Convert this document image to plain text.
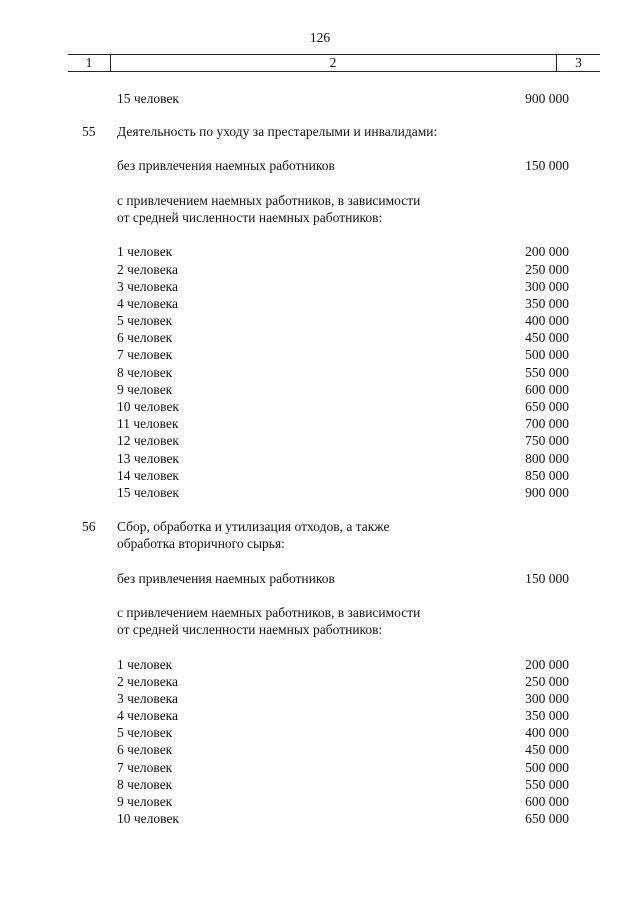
126
1	2	3
15 человек	900 000
55 Деятельность по уходу за престарелыми и инвалидами:
без привлечения наемных работников	150 000
с привлечением наемных работников, в зависимости
от средней численности наемных работников:
1 человек	200 000
2 человека	250 000
3 человека	300 000
4 человека	350 000
5 человек	400 000
6 человек	450 000
7 человек	500 000
8 человек	550 000
9 человек	600 000
10 человек	650 000
11 человек	700 000
12 человек	750 000
13 человек	800 000
14 человек	850 000
15 человек	900 000
56 Сбор, обработка и утилизация отходов, а также
обработка вторичного сырья:
без привлечения наемных работников	150 000
с привлечением наемных работников, в зависимости
от средней численности наемных работников:
1 человек	200 000
2 человека	250 000
3 человека	300 000
4 человека	350 000
5 человек	400 000
6 человек	450 000
7 человек	500 000
8 человек	550 000
9 человек	600 000
10 человек	650 000
